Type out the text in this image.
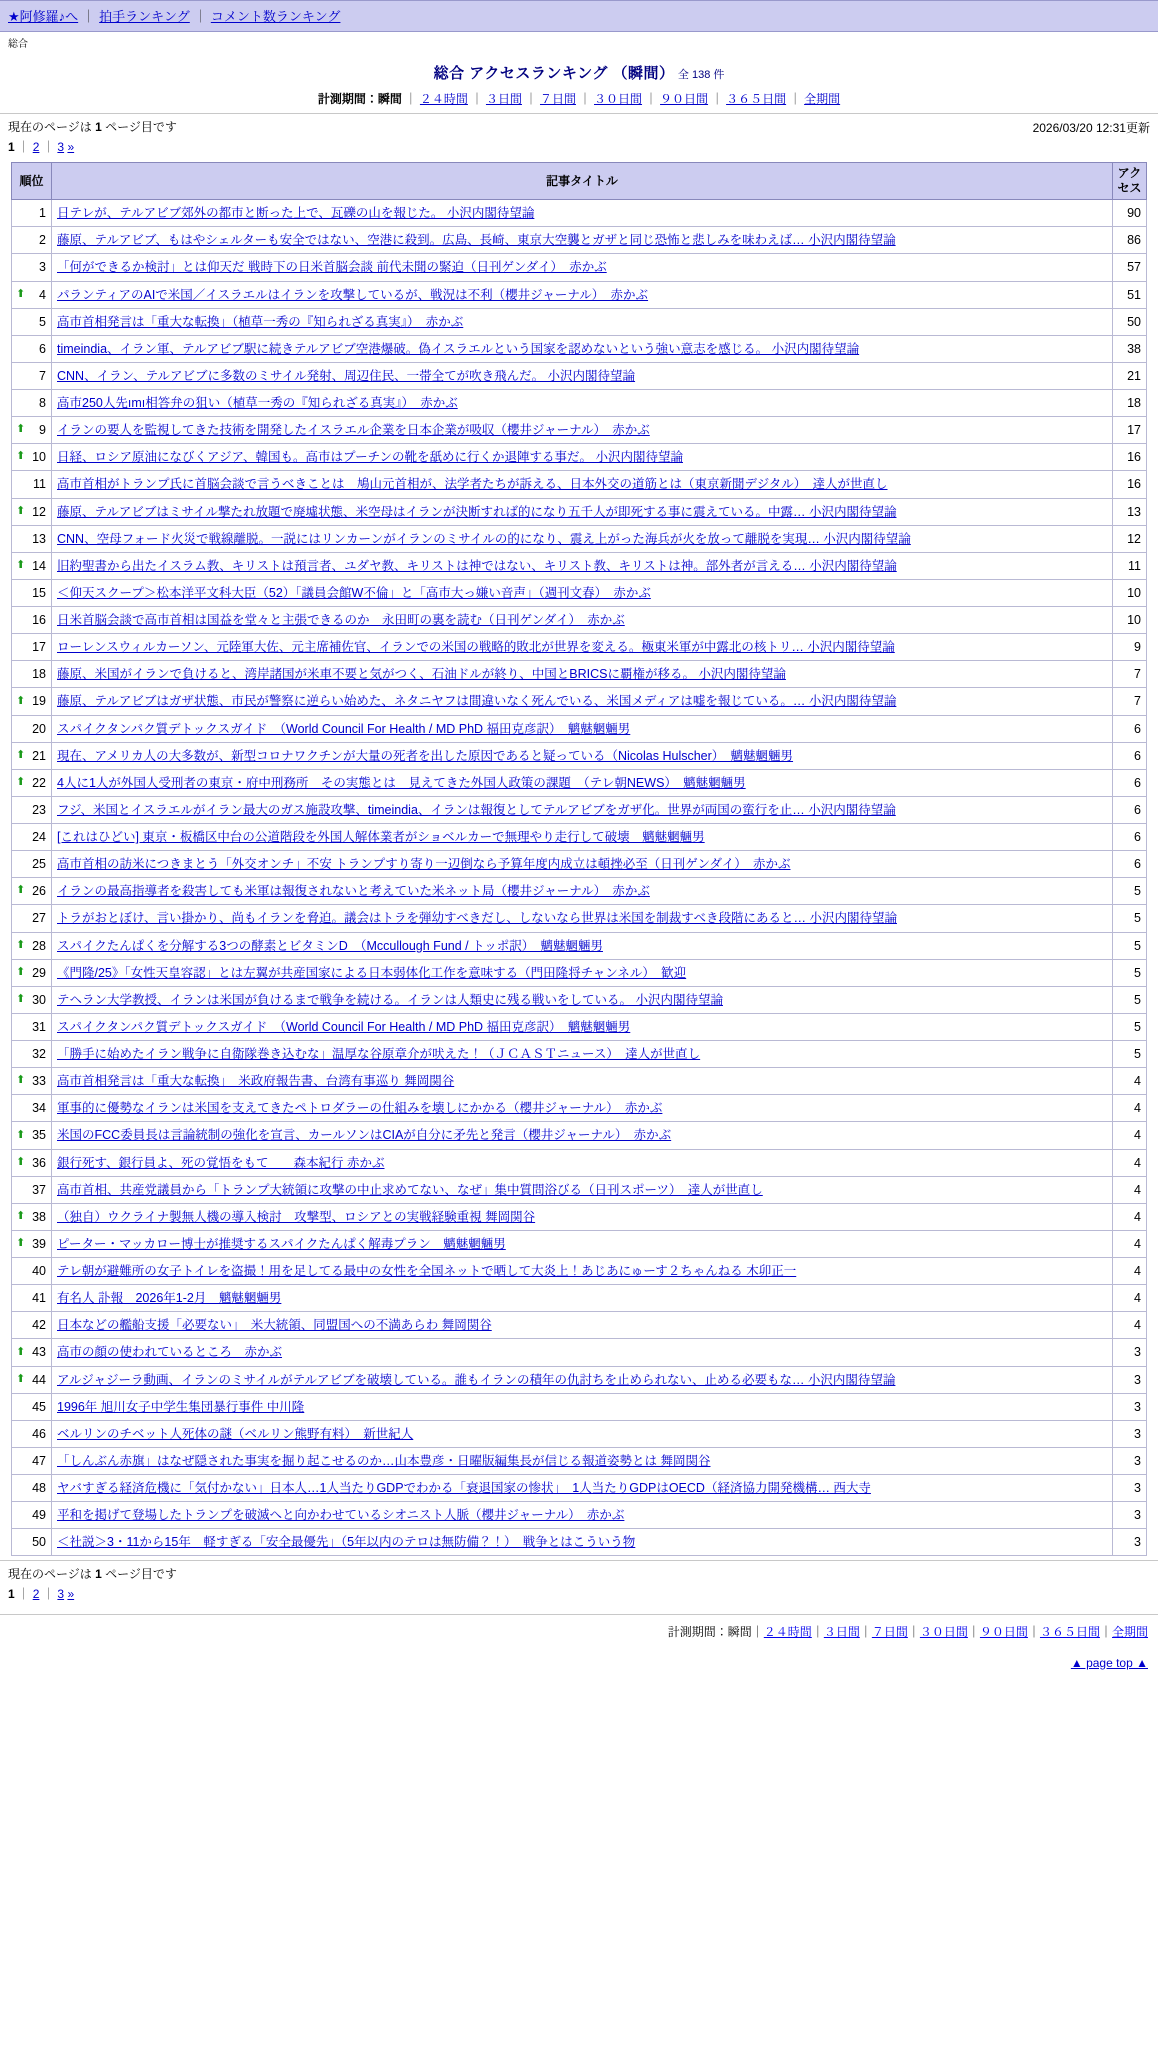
★阿修羅♪へ ｜ 拍手ランキング ｜ コメント数ランキング
総合
総合 アクセスランキング （瞬間） 全 138 件
計測期間：瞬間 ｜ ２４時間 ｜ ３日間 ｜ ７日間 ｜ ３０日間 ｜ ９０日間 ｜ ３６５日間 ｜ 全期間
現在のページは 1 ページ目です
1 ｜ 2 ｜ 3 »
2026/03/20 12:31更新
順位	記事タイトル	アクセス
1	日テレが、テルアビブ郊外の都市と断った上で、瓦礫の山を報じた。 小沢内閣待望論	90
2	藤原、テルアビブ、もはやシェルターも安全ではない、空港に殺到。広島、長崎、東京大空襲とガザと同じ恐怖と悲しみを味わえば… 小沢内閣待望論	86
3	「何ができるか検討」とは仰天だ 戦時下の日米首脳会談 前代未聞の緊迫（日刊ゲンダイ）　赤かぶ	57

⬆ 4	パランティアのAIで米国／イスラエルはイランを攻撃しているが、戦況は不利（櫻井ジャーナル）　赤かぶ	51
5	高市首相発言は「重大な転換」（植草一秀の『知られざる真実』）　赤かぶ	50
6	timeindia、イラン軍、テルアビブ駅に続きテルアビブ空港爆破。偽イスラエルという国家を認めないという強い意志を感じる。 小沢内閣待望論	38
7	CNN、イラン、テルアビブに多数のミサイル発射、周辺住民、一帯全てが吹き飛んだ。 小沢内閣待望論	21
8	高市250人先ımı相答弁の狙い（植草一秀の『知られざる真実』）　赤かぶ	18

⬆ 9	イランの要人を監視してきた技術を開発したイスラエル企業を日本企業が吸収（櫻井ジャーナル）　赤かぶ	17

⬆ 10	日経、ロシア原油になびくアジア、韓国も。高市はプーチンの靴を舐めに行くか退陣する事だ。 小沢内閣待望論	16
11	高市首相がトランプ氏に首脳会談で言うべきことは　鳩山元首相が、法学者たちが訴える、日本外交の道筋とは（東京新聞デジタル）　達人が世直し	16

⬆ 12	藤原、テルアビブはミサイル撃たれ放題で廃墟状態、米空母はイランが決断すれば的になり五千人が即死する事に震えている。中露… 小沢内閣待望論	13
13	CNN、空母フォード火災で戦線離脱。一説にはリンカーンがイランのミサイルの的になり、震え上がった海兵が火を放って離脱を実現… 小沢内閣待望論	12

⬆ 14	旧約聖書から出たイスラム教、キリストは預言者、ユダヤ教、キリストは神ではない、キリスト教、キリストは神。部外者が言える… 小沢内閣待望論	11
15	＜仰天スクープ＞松本洋平文科大臣（52）「議員会館W不倫」と「高市大っ嫌い音声」（週刊文春）　赤かぶ	10
16	日米首脳会談で高市首相は国益を堂々と主張できるのか　永田町の裏を読む（日刊ゲンダイ）　赤かぶ	10
17	ローレンスウィルカーソン、元陸軍大佐、元主席補佐官、イランでの米国の戦略的敗北が世界を変える。極東米軍が中露北の核トリ… 小沢内閣待望論	9
18	藤原、米国がイランで負けると、湾岸諸国が米車不要と気がつく、石油ドルが終り、中国とBRICSに覇権が移る。 小沢内閣待望論	7

⬆ 19	藤原、テルアビブはガザ状態、市民が警察に逆らい始めた、ネタニヤフは間違いなく死んでいる、米国メディアは嘘を報じている。… 小沢内閣待望論	7
20	スパイクタンパク質デトックスガイド　（World Council For Health / MD PhD 福田克彦訳）　魑魅魍魎男	6

⬆ 21	現在、アメリカ人の大多数が、新型コロナワクチンが大量の死者を出した原因であると疑っている（Nicolas Hulscher）　魑魅魍魎男	6

⬆ 22	4人に1人が外国人受刑者の東京・府中刑務所　その実態とは　見えてきた外国人政策の課題　（テレ朝NEWS）　魑魅魍魎男	6
23	フジ、米国とイスラエルがイラン最大のガス施設攻撃、timeindia、イランは報復としてテルアビブをガザ化。世界が両国の蛮行を止… 小沢内閣待望論	6
24	[これはひどい] 東京・板橋区中台の公道階段を外国人解体業者がショベルカーで無理やり走行して破壊　魑魅魍魎男	6
25	高市首相の訪米につきまとう「外交オンチ」不安 トランプすり寄り一辺倒なら予算年度内成立は頓挫必至（日刊ゲンダイ）　赤かぶ	6

⬆ 26	イランの最高指導者を殺害しても米軍は報復されないと考えていた米ネット局（櫻井ジャーナル）　赤かぶ	5
27	トラがおとぼけ、言い掛かり、尚もイランを脅迫。議会はトラを弾幼すべきだし、しないなら世界は米国を制裁すべき段階にあると… 小沢内閣待望論	5

⬆ 28	スパイクたんぱくを分解する3つの酵素とビタミンD　（Mccullough Fund / トッポ訳）　魑魅魍魎男	5

⬆ 29	《門隆/25》「女性天皇容認」とは左翼が共産国家による日本弱体化工作を意味する（門田隆将チャンネル）　歓迎	5

⬆ 30	テヘラン大学教授、イランは米国が負けるまで戦争を続ける。イランは人類史に残る戦いをしている。 小沢内閣待望論	5
31	スパイクタンパク質デトックスガイド　（World Council For Health / MD PhD 福田克彦訳）　魑魅魍魎男	5
32	「勝手に始めたイラン戦争に自衛隊巻き込むな」温厚な谷原章介が吠えた！（ＪＣＡＳＴニュース）　達人が世直し	5

⬆ 33	高市首相発言は「重大な転換」　米政府報告書、台湾有事巡り 舞岡関谷	4
34	軍事的に優勢なイランは米国を支えてきたペトロダラーの仕組みを壊しにかかる（櫻井ジャーナル）　赤かぶ	4

⬆ 35	米国のFCC委員長は言論統制の強化を宣言、カールソンはCIAが自分に矛先と発言（櫻井ジャーナル）　赤かぶ	4

⬆ 36	銀行死す、銀行員よ、死の覚悟をもて　　森本紀行 赤かぶ	4
37	高市首相、共産党議員から「トランプ大統領に攻撃の中止求めてない、なぜ」集中質問浴びる（日刊スポーツ）　達人が世直し	4

⬆ 38	（独自）ウクライナ製無人機の導入検討　攻撃型、ロシアとの実戦経験重視 舞岡関谷	4

⬆ 39	ピーター・マッカロー博士が推奨するスパイクたんぱく解毒プラン　魑魅魍魎男	4
40	テレ朝が避難所の女子トイレを盗撮！用を足してる最中の女性を全国ネットで晒して大炎上！あじあにゅーす２ちゃんねる 木卯正一	4
41	有名人 訃報　2026年1-2月　魑魅魍魎男	4
42	日本などの艦船支援「必要ない」　米大統領、同盟国への不満あらわ 舞岡関谷	4

⬆ 43	高市の顔の使われているところ　赤かぶ	3

⬆ 44	アルジャジーラ動画、イランのミサイルがテルアビブを破壊している。誰もイランの積年の仇討ちを止められない、止める必要もな… 小沢内閣待望論	3
45	1996年 旭川女子中学生集団暴行事件 中川隆	3
46	ベルリンのチベット人死体の謎（ベルリン熊野有料）　新世紀人	3
47	「しんぶん赤旗」はなぜ隠された事実を掘り起こせるのか…山本豊彦・日曜版編集長が信じる報道姿勢とは 舞岡関谷	3
48	ヤバすぎる経済危機に「気付かない」日本人…1人当たりGDPでわかる「衰退国家の惨状」　1人当たりGDPはOECD（経済協力開発機構… 西大寺	3
49	平和を掲げて登場したトランプを破滅へと向かわせているシオニスト人脈（櫻井ジャーナル）　赤かぶ	3
50	＜社説＞3・11から15年　軽すぎる「安全最優先」（5年以内のテロは無防備？！）　戦争とはこういう物	3
現在のページは 1 ページ目です
1 ｜ 2 ｜ 3 »
計測期間：瞬間｜２４時間｜３日間｜７日間｜３０日間｜９０日間｜３６５日間｜全期間
▲ page top ▲
